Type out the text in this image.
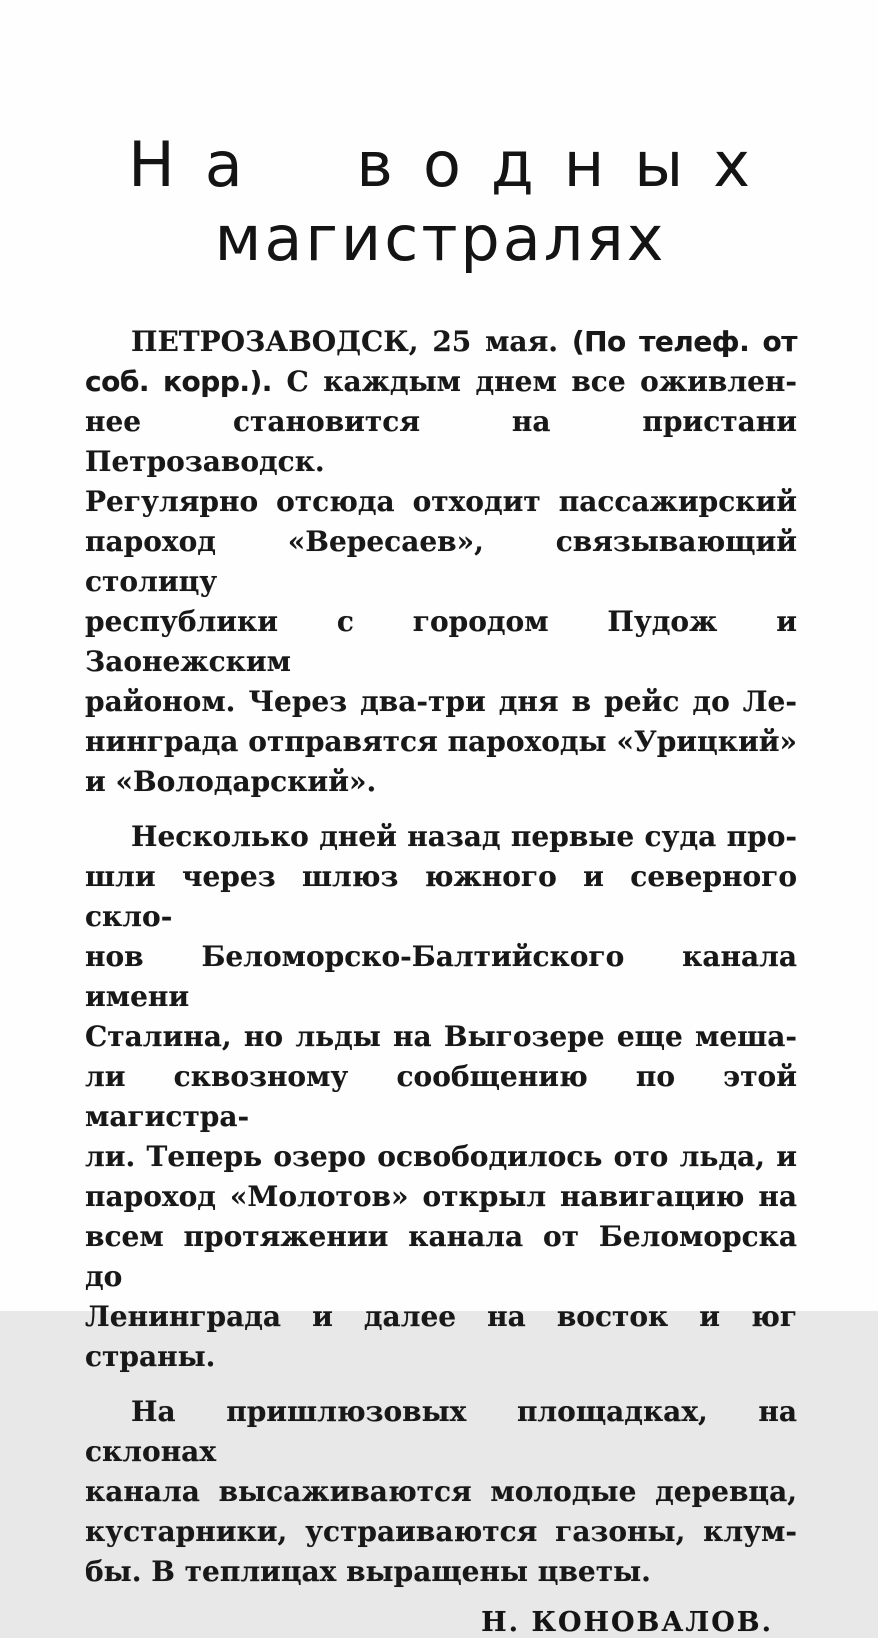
На водных
магистралях
ПЕТРОЗАВОДСК, 25 мая. (По телеф. от
соб. корр.). С каждым днем все оживлен-
нее становится на пристани Петрозаводск.
Регулярно отсюда отходит пассажирский
пароход «Вересаев», связывающий столицу
республики с городом Пудож и Заонежским
районом. Через два-три дня в рейс до Ле-
нинграда отправятся пароходы «Урицкий»
и «Володарский».
Несколько дней назад первые суда про-
шли через шлюз южного и северного скло-
нов Беломорско-Балтийского канала имени
Сталина, но льды на Выгозере еще меша-
ли сквозному сообщению по этой магистра-
ли. Теперь озеро освободилось ото льда, и
пароход «Молотов» открыл навигацию на
всем протяжении канала от Беломорска до
Ленинграда и далее на восток и юг
страны.
На пришлюзовых площадках, на склонах
канала высаживаются молодые деревца,
кустарники, устраиваются газоны, клум-
бы. В теплицах выращены цветы.
Н. КОНОВАЛОВ.
